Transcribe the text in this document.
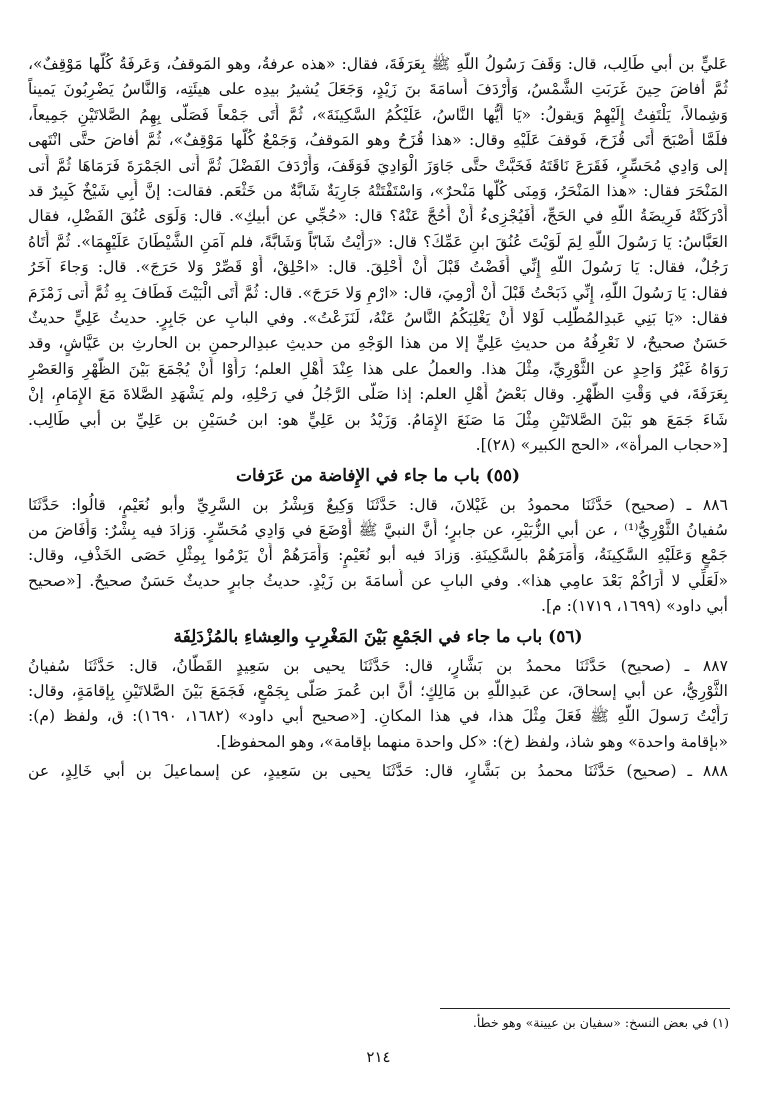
عَليٍّ بن أبي طَالِب، قال: وَقَفَ رَسُولُ اللّهِ ﷺ بِعَرَفَةَ، فقال: «هذه عرفةُ، وهو المَوقفُ، وَعَرفَةُ كُلُّها مَوْقِفٌ»،
ثُمَّ أفاضَ حِينَ غَرَبَتِ الشَّمْسُ، وَأَرْدَفَ أُسامَةَ بنَ زَيْدٍ، وَجَعَلَ يُشيرُ بيدِه على هيئَتِه، وَالنَّاسُ يَضْرِبُونَ يَميناً
وَشِمالاً، يَلْتَفِتُ إِلَيْهِمْ وَيقولُ: «يَا أَيُّها النَّاسُ، عَلَيْكُمُ السَّكِينَةَ»، ثُمَّ أَتَى جَمْعاً فَصَلَّى بِهِمُ الصَّلاتَيْنِ جَمِيعاً،
فلَمَّا أَصْبَحَ أَتَى قُزَحَ، فَوقفَ عَلَيْهِ وقال: «هذا قُزَحُ وهو المَوقفُ، وَجَمْعٌ كُلُّها مَوْقِفٌ»، ثُمَّ أفاضَ حتَّى انْتَهى
إلى وَادِي مُحَسِّرٍ، فَقَرَعَ نَاقَتَهُ فَخَبَّتْ حتَّى جَاوَزَ الْوَادِيَ فَوَقَفَ، وَأَرْدَفَ الفَضْلَ ثُمَّ أَتى الجَمْرَةَ فَرَمَاهَا ثُمَّ أَتى
المَنْحَرَ فقال: «هذا المَنْحَرُ، وَمِنَى كُلُّها مَنْحرٌ»، وَاسْتَفْتَتْهُ جَارِيَةٌ شَابَّةٌ من خَثْعَم. فقالت: إنَّ أَبِي شَيْخٌ كَبِيرٌ قد
أَدْرَكَتْهُ فَرِيضَةُ اللّهِ في الحَجِّ، أَفَيُجْزِىءُ أَنْ أَحُجَّ عَنْهُ؟ قال: «حُجِّي عن أبيكِ». قال: وَلَوَى عُنُقَ الفَضْلِ، فقال
العَبَّاسُ: يَا رَسُولَ اللّهِ لِمَ لَوَيْتَ عُنُقَ ابنِ عَمِّكَ؟ قال: «رَأَيْتُ شَابّاً وَشَابَّةً، فلم آمَنِ الشَّيْطَانَ عَلَيْهِمَا». ثُمَّ أَتَاهُ
رَجُلٌ، فقال: يَا رَسُولَ اللّهِ إِنِّي أَفَضْتُ قَبْلَ أَنْ أَحْلِقَ. قال: «احْلِقْ، أَوْ قَصِّرْ وَلا حَرَجَ». قال: وَجاءَ آخَرُ
فقال: يَا رَسُولَ اللّهِ، إِنِّي ذَبَحْتُ قَبْلَ أَنْ أَرْمِيَ، قال: «ارْمِ وَلا حَرَجَ». قال: ثُمَّ أَتَى الْبَيْتَ فَطَافَ بِهِ ثُمَّ أَتى زَمْزَمَ
فقال: «يَا بَنِي عَبدِالمُطَّلِب لَوْلا أَنْ يَغْلِبَكُمُ النَّاسُ عَنْهُ، لَنَزَعْتُ». وفي البابِ عن جَابِرٍ. حديثُ عَلِيٍّ حديثٌ
حَسَنٌ صحيحٌ، لا نَعْرِفُهُ من حديثِ عَلِيٍّ إلا من هذا الوَجْهِ من حديثِ عبدِالرحمنِ بن الحارثِ بن عَيَّاشٍ، وقد
رَوَاهُ غَيْرُ وَاحِدٍ عن الثَّوْرِيِّ، مِثْلَ هذا. والعملُ على هذا عِنْدَ أَهْلِ العلم؛ رَأَوْا أَنْ يُجْمَعَ بَيْنَ الظُّهْرِ وَالعَصْرِ
بِعَرَفَةَ، في وَقْتِ الظُّهْرِ. وقال بَعْضُ أَهْلِ العلم: إذا صَلَّى الرَّجُلُ في رَحْلِهِ، ولم يَشْهَدِ الصَّلاةَ مَعَ الإِمَامِ، إنْ
شَاءَ جَمَعَ هو بَيْنَ الصَّلاتَيْنِ مِثْلَ مَا صَنَعَ الإِمَامُ. وَزَيْدُ بن عَلِيٍّ هو: ابن حُسَيْنِ بن عَلِيِّ بن أبي طَالِب.
[«حجاب المرأة»، «الحج الكبير» (٢٨)].
(٥٥) باب ما جاء في الإِفاضة من عَرَفات
٨٨٦ ـ (صحيح) حَدَّثَنَا محمودُ بن غَيْلانَ، قال: حَدَّثَنَا وَكِيعٌ وَبِشْرُ بن السَّرِيِّ وأبو نُعَيْمٍ، قالُوا: حَدَّثَنَا
سُفيانُ الثَّوْرِيُّ⁽¹⁾ ، عن أبي الزُّبَيْرِ، عن جابرٍ؛ أَنَّ النبيَّ ﷺ أَوْضَعَ في وَادِي مُحَسِّرٍ. وَزادَ فيه بِشْرٌ: وَأَفَاضَ من
جَمْعٍ وَعَلَيْهِ السَّكِينَةُ، وَأَمَرَهُمْ بالسَّكِينَةِ. وَزادَ فيه أبو نُعَيْمٍ: وَأَمَرَهُمْ أَنْ يَرْمُوا بِمِثْلِ حَصَى الخَذْفِ، وقال:
«لَعَلِّي لا أَرَاكُمْ بَعْدَ عامِي هذا». وفي البابِ عن أُسامَةَ بن زَيْدٍ. حديثُ جابرٍ حديثٌ حَسَنٌ صحيحٌ. [«صحيح
أبي داود» (١٦٩٩، ١٧١٩): م].
(٥٦) باب ما جاء في الجَمْعِ بَيْنَ المَغْرِبِ والعِشاءِ بالمُزْدَلِفَة
٨٨٧ ـ (صحيح) حَدَّثَنَا محمدُ بن بَشَّارٍ، قال: حَدَّثَنَا يحيى بن سَعِيدٍ القَطَّانُ، قال: حَدَّثَنَا سُفيانُ
الثَّوْرِيُّ، عن أبي إسحاقَ، عن عَبدِاللّهِ بن مَالِكٍ؛ أنَّ ابن عُمرَ صَلَّى بِجَمْعٍ، فَجَمَعَ بَيْنَ الصَّلاتَيْنِ بِإقامَةٍ، وقال:
رَأَيْتُ رَسولَ اللّهِ ﷺ فَعَلَ مِثْلَ هذا، في هذا المكانِ. [«صحيح أبي داود» (١٦٨٢، ١٦٩٠): ق، ولفظ (م):
«بإقامة واحدة» وهو شاذ، ولفظ (خ): «كل واحدة منهما بإقامة»، وهو المحفوظ].
٨٨٨ ـ (صحيح) حَدَّثَنَا محمدُ بن بَشَّارٍ، قال: حَدَّثَنَا يحيى بن سَعِيدٍ، عن إسماعيلَ بن أبي خَالِدٍ، عن
(١) في بعض النسخ: «سفيان بن عيينة» وهو خطأ.
٢١٤
